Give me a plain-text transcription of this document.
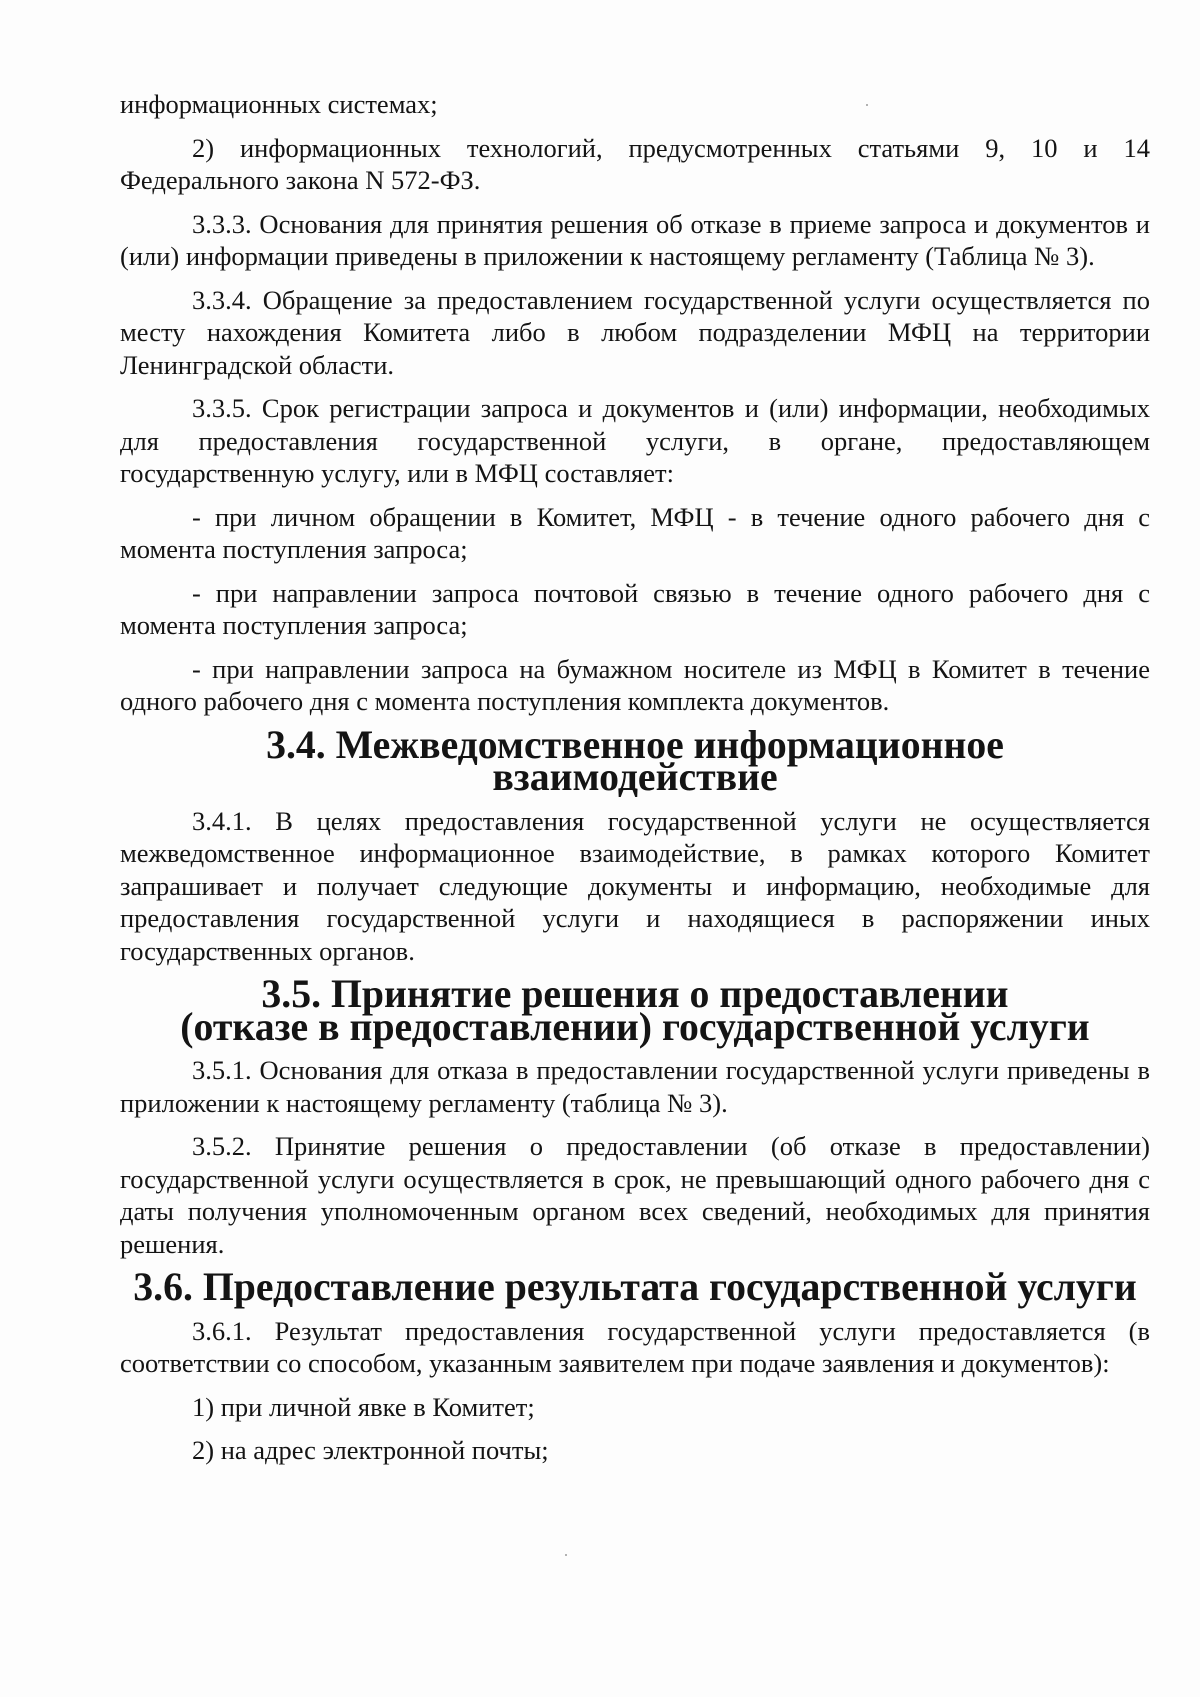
информационных системах;

2) информационных технологий, предусмотренных статьями 9, 10 и 14 Федерального закона N 572-ФЗ.

3.3.3. Основания для принятия решения об отказе в приеме запроса и документов и (или) информации приведены в приложении к настоящему регламенту (Таблица № 3).

3.3.4. Обращение за предоставлением государственной услуги осуществляется по месту нахождения Комитета либо в любом подразделении МФЦ на территории Ленинградской области.

3.3.5. Срок регистрации запроса и документов и (или) информации, необходимых для предоставления государственной услуги, в органе, предоставляющем государственную услугу, или в МФЦ составляет:

- при личном обращении в Комитет, МФЦ - в течение одного рабочего дня с момента поступления запроса;

- при направлении запроса почтовой связью в течение одного рабочего дня с момента поступления запроса;

- при направлении запроса на бумажном носителе из МФЦ в Комитет в течение одного рабочего дня с момента поступления комплекта документов.

3.4. Межведомственное информационное взаимодействие

3.4.1. В целях предоставления государственной услуги не осуществляется межведомственное информационное взаимодействие, в рамках которого Комитет запрашивает и получает следующие документы и информацию, необходимые для предоставления государственной услуги и находящиеся в распоряжении иных государственных органов.

3.5. Принятие решения о предоставлении
(отказе в предоставлении) государственной услуги

3.5.1. Основания для отказа в предоставлении государственной услуги приведены в приложении к настоящему регламенту (таблица № 3).

3.5.2. Принятие решения о предоставлении (об отказе в предоставлении) государственной услуги осуществляется в срок, не превышающий одного рабочего дня с даты получения уполномоченным органом всех сведений, необходимых для принятия решения.

3.6. Предоставление результата государственной услуги

3.6.1. Результат предоставления государственной услуги предоставляется (в соответствии со способом, указанным заявителем при подаче заявления и документов):

1) при личной явке в Комитет;

2) на адрес электронной почты;
